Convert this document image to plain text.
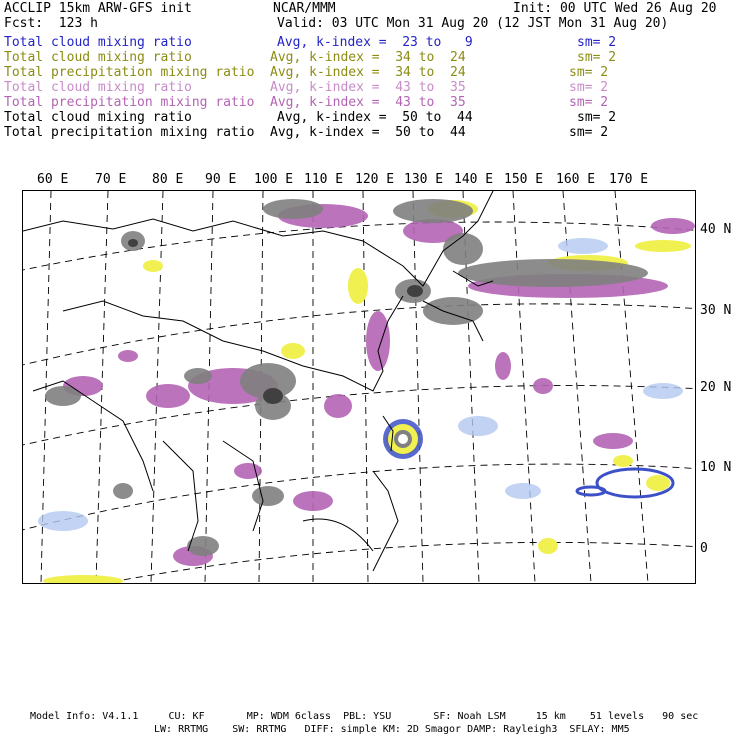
ACCLIP 15km ARW-GFS init	NCAR/MMM	Init: 00 UTC Wed 26 Aug 20
Fcst:  123 h	Valid: 03 UTC Mon 31 Aug 20 (12 JST Mon 31 Aug 20)
Total cloud mixing ratio	Avg, k-index =  23 to   9	sm= 2
Total cloud mixing ratio	Avg, k-index =  34 to  24	sm= 2
Total precipitation mixing ratio Avg, k-index =  34 to  24	sm= 2
Total cloud mixing ratio	Avg, k-index =  43 to  35	sm= 2
Total precipitation mixing ratio Avg, k-index =  43 to  35	sm= 2
Total cloud mixing ratio	Avg, k-index =  50 to  44	sm= 2
Total precipitation mixing ratio Avg, k-index =  50 to  44	sm= 2
60 E 70 E 80 E 90 E 100 E 110 E 120 E 130 E 140 E 150 E 160 E 170 E
40 N
30 N
20 N
10 N
0
Model Info: V4.1.1     CU: KF       MP: WDM 6class  PBL: YSU       SF: Noah LSM     15 km    51 levels   90 sec
LW: RRTMG    SW: RRTMG   DIFF: simple KM: 2D Smagor DAMP: Rayleigh3  SFLAY: MM5
